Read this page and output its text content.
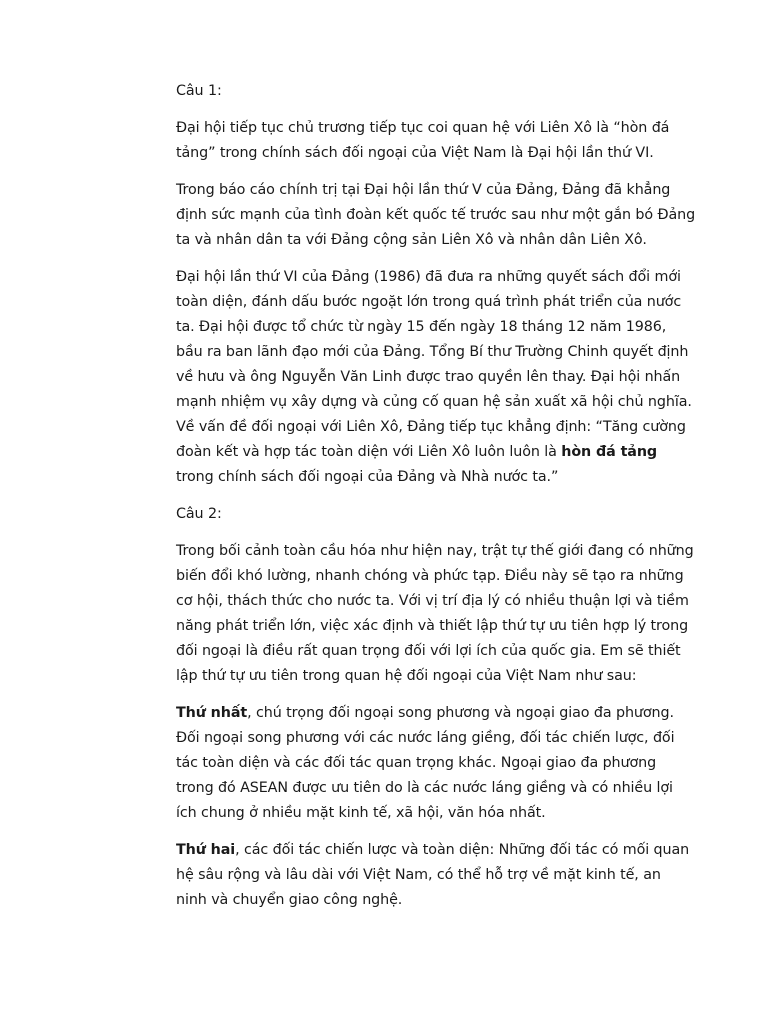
Câu 1:

Đại hội tiếp tục chủ trương tiếp tục coi quan hệ với Liên Xô là “hòn đá tảng” trong chính sách đối ngoại của Việt Nam là Đại hội lần thứ VI.

Trong báo cáo chính trị tại Đại hội lần thứ V của Đảng, Đảng đã khẳng định sức mạnh của tình đoàn kết quốc tế trước sau như một gắn bó Đảng ta và nhân dân ta với Đảng cộng sản Liên Xô và nhân dân Liên Xô.

Đại hội lần thứ VI của Đảng (1986) đã đưa ra những quyết sách đổi mới toàn diện, đánh dấu bước ngoặt lớn trong quá trình phát triển của nước ta. Đại hội được tổ chức từ ngày 15 đến ngày 18 tháng 12 năm 1986, bầu ra ban lãnh đạo mới của Đảng. Tổng Bí thư Trường Chinh quyết định về hưu và ông Nguyễn Văn Linh được trao quyền lên thay. Đại hội nhấn mạnh nhiệm vụ xây dựng và củng cố quan hệ sản xuất xã hội chủ nghĩa. Về vấn đề đối ngoại với Liên Xô, Đảng tiếp tục khẳng định: “Tăng cường đoàn kết và hợp tác toàn diện với Liên Xô luôn luôn là hòn đá tảng trong chính sách đối ngoại của Đảng và Nhà nước ta.”

Câu 2:

Trong bối cảnh toàn cầu hóa như hiện nay, trật tự thế giới đang có những biến đổi khó lường, nhanh chóng và phức tạp. Điều này sẽ tạo ra những cơ hội, thách thức cho nước ta. Với vị trí địa lý có nhiều thuận lợi và tiềm năng phát triển lớn, việc xác định và thiết lập thứ tự ưu tiên hợp lý trong đối ngoại là điều rất quan trọng đối với lợi ích của quốc gia. Em sẽ thiết lập thứ tự ưu tiên trong quan hệ đối ngoại của Việt Nam như sau:

Thứ nhất, chú trọng đối ngoại song phương và ngoại giao đa phương. Đối ngoại song phương với các nước láng giềng, đối tác chiến lược, đối tác toàn diện và các đối tác quan trọng khác. Ngoại giao đa phương trong đó ASEAN được ưu tiên do là các nước láng giềng và có nhiều lợi ích chung ở nhiều mặt kinh tế, xã hội, văn hóa nhất.

Thứ hai, các đối tác chiến lược và toàn diện: Những đối tác có mối quan hệ sâu rộng và lâu dài với Việt Nam, có thể hỗ trợ về mặt kinh tế, an ninh và chuyển giao công nghệ.
